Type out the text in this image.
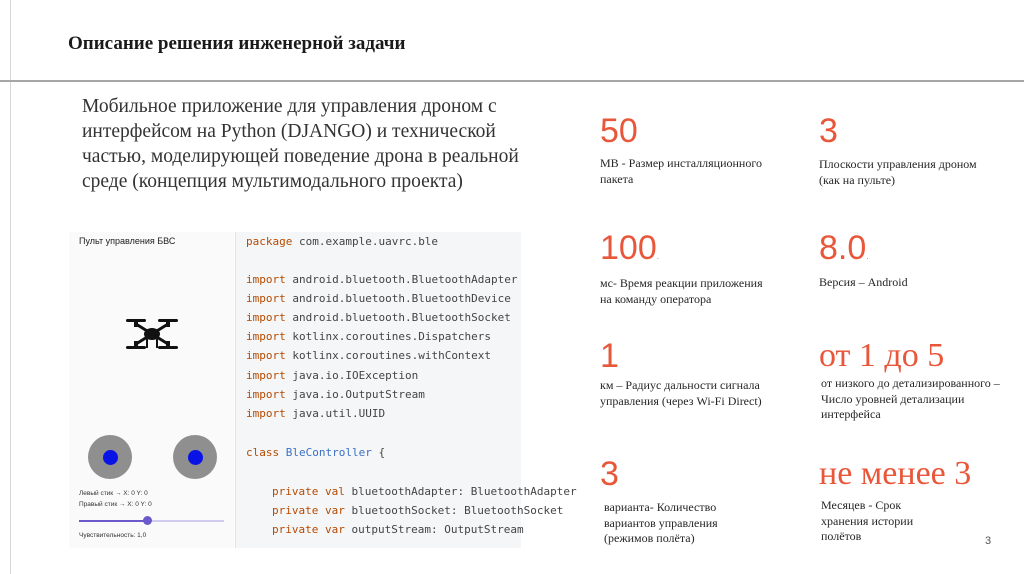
Описание решения инженерной задачи

Мобильное приложение для управления дроном с интерфейсом на Python (DJANGO) и технической частью, моделирующей поведение дрона в реальной среде (концепция мультимодального проекта)

Пульт управления БВС
Левый стик → X: 0 Y: 0
Правый стик → X: 0 Y: 0
Чувствительность: 1,0
package com.example.uavrc.ble
import android.bluetooth.BluetoothAdapter
import android.bluetooth.BluetoothDevice
import android.bluetooth.BluetoothSocket
import kotlinx.coroutines.Dispatchers
import kotlinx.coroutines.withContext
import java.io.IOException
import java.io.OutputStream
import java.util.UUID
class BleController {
private val bluetoothAdapter: BluetoothAdapter
private var bluetoothSocket: BluetoothSocket
private var outputStream: OutputStream
50

МВ - Размер инсталляционного пакета

100.

мс- Время реакции приложения на команду оператора

1

км – Радиус дальности сигнала управления (через Wi-Fi Direct)

3

варианта- Количество вариантов управления (режимов полёта)

3

Плоскости управления дроном (как на пульте)

8.0.

Версия – Android

от 1 до 5

от низкого до детализированного – Число уровней детализации интерфейса

не менее 3

Месяцев - Срок хранения истории полётов	3
